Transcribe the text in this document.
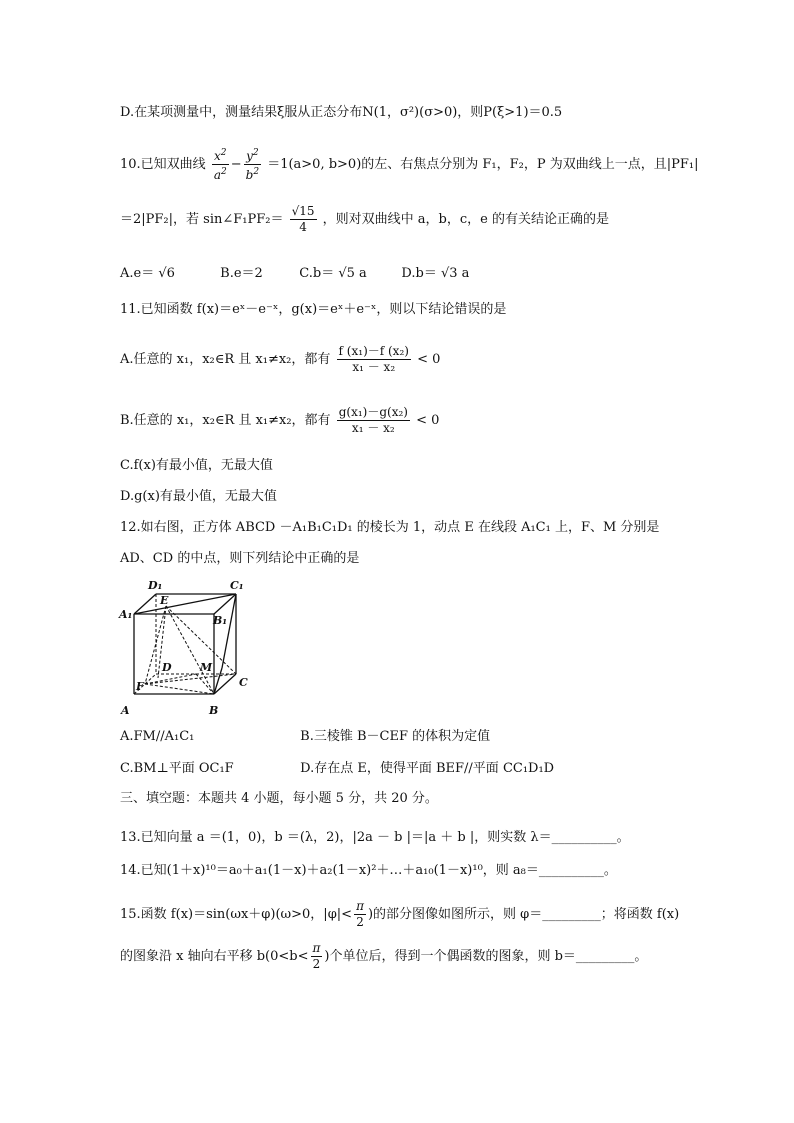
D.在某项测量中，测量结果ξ服从正态分布N(1，σ²)(σ>0)，则P(ξ>1)＝0.5
10.已知双曲线 $\frac{x^2}{a^2} - \frac{y^2}{b^2} =1(a>0$, b>0)的左、右焦点分别为 F₁，F₂，P 为双曲线上一点，且|PF₁|
＝2|PF₂|，若 sin∠F₁PF₂＝ $\frac{√15}{4}$ ，则对双曲线中 a，b，c，e 的有关结论正确的是
A.e＝ √6	B.e＝2	C.b＝ √5 a	D.b＝ √3 a
11.已知函数 f(x)＝eˣ－e⁻ˣ，g(x)＝eˣ＋e⁻ˣ，则以下结论错误的是
A.任意的 x₁，x₂∈R 且 x₁≠x₂，都有 $\frac{\text{f (x₁)－f (x₂)}}{\text{x₁ － x₂}} < 0$
B.任意的 x₁，x₂∈R 且 x₁≠x₂，都有 $\frac{\text{g(x₁)－g(x₂)}}{\text{x₁ － x₂}} < 0$
C.f(x)有最小值，无最大值
D.g(x)有最小值，无最大值
12.如右图，正方体 ABCD －A₁B₁C₁D₁ 的棱长为 1，动点 E 在线段 A₁C₁ 上，F、M 分别是
AD、CD 的中点，则下列结论中正确的是
D₁	C₁
A₁	B₁
E
D	M
C
F
A	B
A.FM//A₁C₁	B.三棱锥 B－CEF 的体积为定值
C.BM⊥平面 OC₁F	D.存在点 E，使得平面 BEF//平面 CC₁D₁D
三、填空题：本题共 4 小题，每小题 5 分，共 20 分。
13.已知向量 a ＝(1，0)，b ＝(λ，2)，|2a － b |＝|a ＋ b |，则实数 λ＝__________。
14.已知(1＋x)¹⁰＝a₀＋a₁(1－x)＋a₂(1－x)²＋…＋a₁₀(1－x)¹⁰，则 a₈＝__________。
15.函数 f(x)＝sin(ωx＋φ)(ω>0，$|\varphi|< \frac{\pi}{2}$ )的部分图像如图所示，则 φ＝_________；将函数 f(x)
的图象沿 x 轴向右平移 $b(0<b< \frac{\pi}{2}$ )个单位后，得到一个偶函数的图象，则 b＝_________。
